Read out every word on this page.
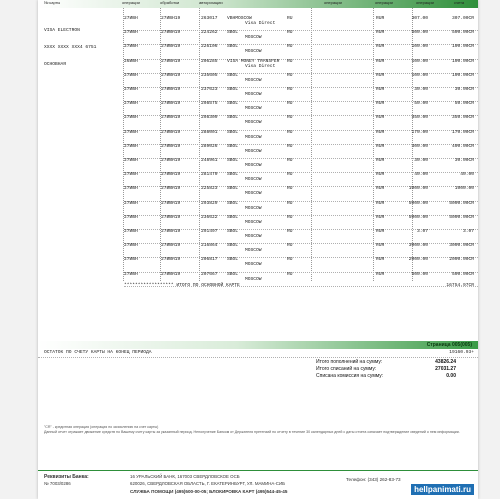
№ карты	операции	обработки	авторизации	операции	операции	операции	счета

VISA ELECTRON

XXXX XXXX XXX4 6751

ОСНОВНАЯ

27ИЮН	27ИЮН19	263017 VBHMOSCOW
Visa Direct
RU	RUR	307.00	307.00CR
27ИЮН	27ИЮН19	224262 SBOL
MOSCOW
RU	RUR	500.00	500.00CR
27ИЮН	27ИЮН19	226106 SBOL
MOSCOW
RU	RUR	100.00	100.00CR
26ИЮН	27ИЮН19	206285 VISA MONEY TRANSFER
Visa Direct
RU	RUR	100.00	100.00CR
27ИЮН	27ИЮН19	235605 SBOL
MOSCOW
RU	RUR	100.00	100.00CR
27ИЮН	27ИЮН19	237623 SBOL
MOSCOW
RU	RUR	30.00	30.00CR
27ИЮН	27ИЮН19	298575 SBOL
MOSCOW
RU	RUR	50.00	50.00CR
27ИЮН	27ИЮН19	298309 SBOL
MOSCOW
RU	RUR	350.00	350.00CR
27ИЮН	27ИЮН19	288001 SBOL
MOSCOW
RU	RUR	170.00	170.00CR
27ИЮН	27ИЮН19	289026 SBOL
MOSCOW
RU	RUR	400.00	400.00CR
27ИЮН	27ИЮН19	248961 SBOL
MOSCOW
RU	RUR	30.00	30.00CR
27ИЮН	27ИЮН19	281470 SBOL
MOSCOW
RU	RUR	40.00	40.00
27ИЮН	27ИЮН19	225823 SBOL
MOSCOW
RU	RUR	1000.00	1000.00
27ИЮН	27ИЮН19	293829 SBOL
MOSCOW
RU	RUR	5000.00	5000.00CR
27ИЮН	27ИЮН19	236622 SBOL
MOSCOW
RU	RUR	5000.00	5000.00CR
27ИЮН	27ИЮН19	291497 SBOL
MOSCOW
RU	RUR	3.07	3.07
27ИЮН	27ИЮН19	216864 SBOL
MOSCOW
RU	RUR	3000.00	3000.00CR
27ИЮН	27ИЮН19	206817 SBOL
MOSCOW
RU	RUR	2000.00	2000.00CR
27ИЮН	27ИЮН19	207667 SBOL
MOSCOW
RU	RUR	500.00	500.00CR
****************** ИТОГО ПО ОСНОВНОЙ КАРТЕ	16754.97CR
Страница 005(005)
ОСТАТОК ПО СЧЕТУ КАРТЫ НА КОНЕЦ ПЕРИОДА	19160.93+
Итого пополнений на сумму:	43826.24
Итого списаний на сумму:	27031.27
Списана комиссия на сумму:	0.00
"CR" - кредитная операция (операция по зачислению на счет карты)
Данный отчет отражает движение средств по Вашему счету карты за указанный период. Неполучение Банком от Держателя претензий по отчету в течение 30 календарных дней с даты отчета означает подтверждение сведений о нем информации.
Реквизиты Банка:
№ 7003/0286
16 УРАЛЬСКИЙ БАНК, 167003 СВЕРДЛОВСКОЕ ОСБ
620026, СВЕРДЛОВСКАЯ ОБЛАСТЬ, Г. ЕКАТЕРИНБУРГ, УЛ. МАМИНА-СИБ
Телефон: (343) 262-83-73
СЛУЖБА ПОМОЩИ (495)500-00-05; БЛОКИРОВКА КАРТ (495)544-45-45	hellpanimati.ru
